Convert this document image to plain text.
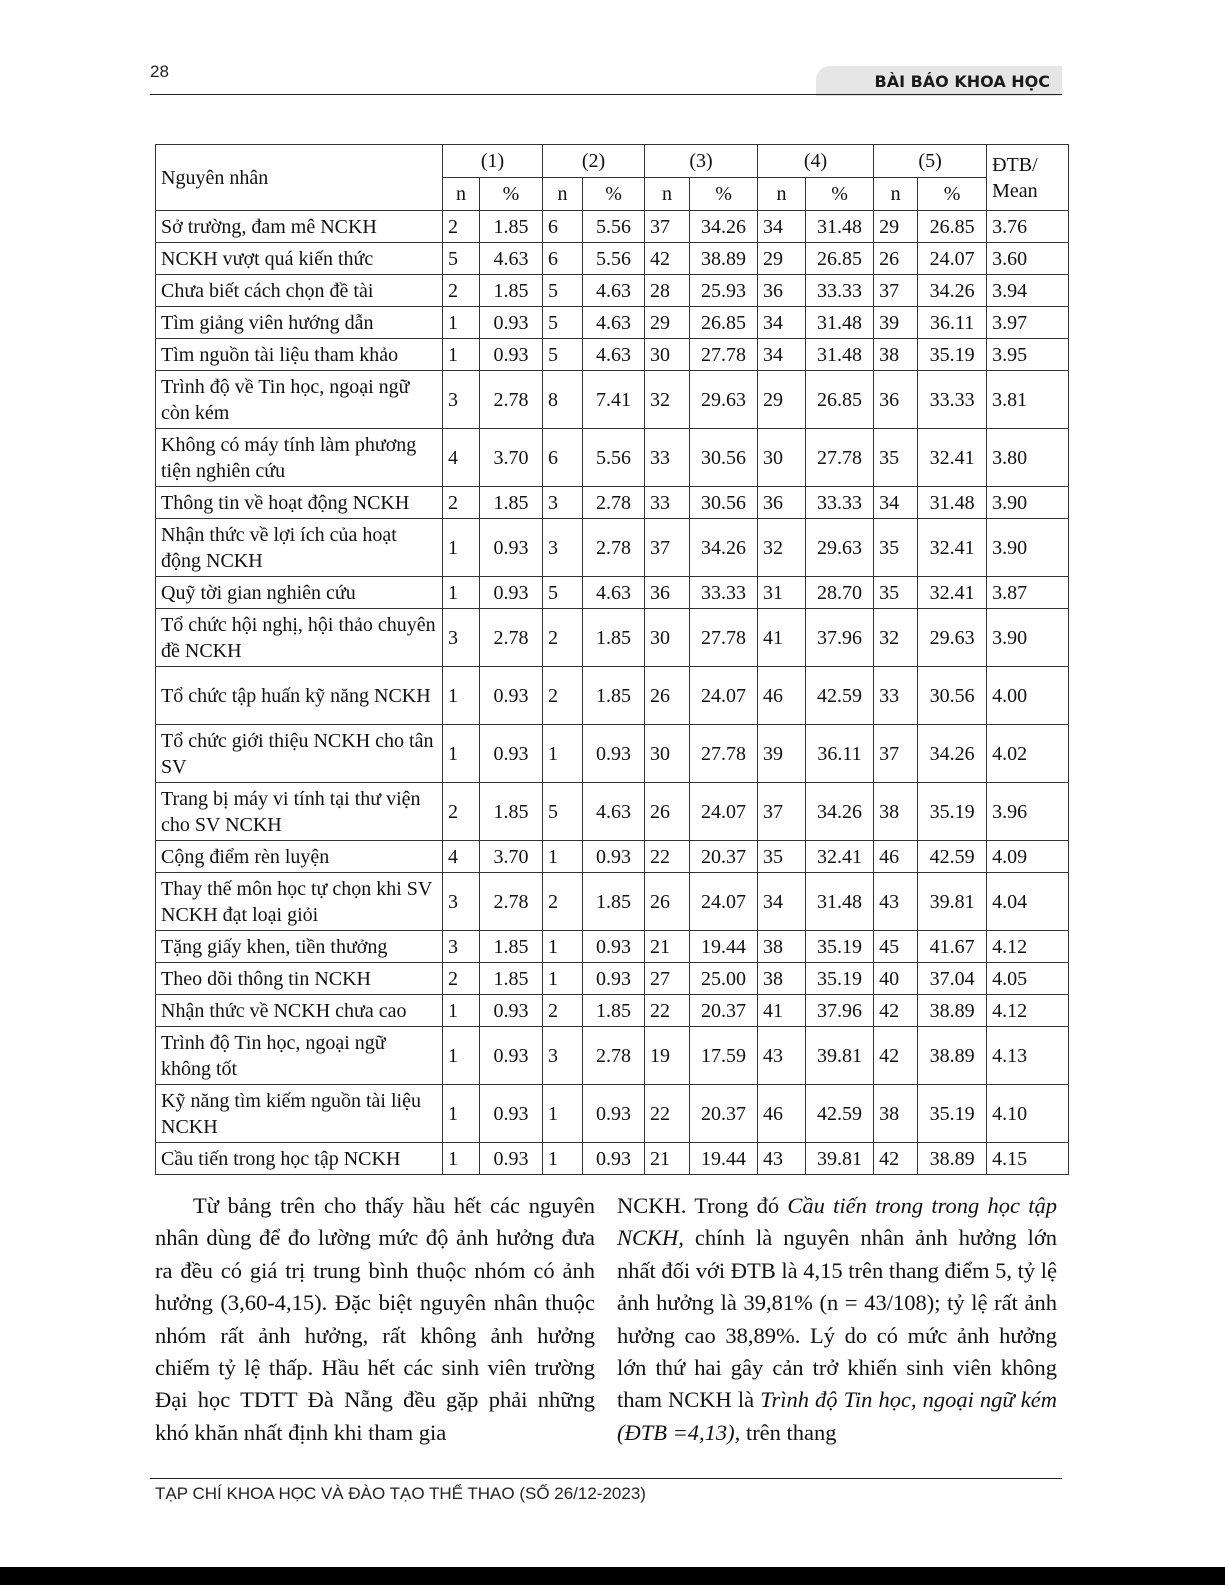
28
BÀI BÁO KHOA HỌC
Nguyên nhân	(1)		(2)		(3)		(4)		(5)		ĐTB/
Mean
	n	%	n	%	n	%	n	%	n	%	
Sở trường, đam mê NCKH	2	1.85	6	5.56	37	34.26	34	31.48	29	26.85	3.76
NCKH vượt quá kiến thức	5	4.63	6	5.56	42	38.89	29	26.85	26	24.07	3.60
Chưa biết cách chọn đề tài	2	1.85	5	4.63	28	25.93	36	33.33	37	34.26	3.94
Tìm giảng viên hướng dẫn	1	0.93	5	4.63	29	26.85	34	31.48	39	36.11	3.97
Tìm nguồn tài liệu tham khảo	1	0.93	5	4.63	30	27.78	34	31.48	38	35.19	3.95
Trình độ về Tin học, ngoại ngữ còn kém	3	2.78	8	7.41	32	29.63	29	26.85	36	33.33	3.81
Không có máy tính làm phương tiện nghiên cứu	4	3.70	6	5.56	33	30.56	30	27.78	35	32.41	3.80
Thông tin về hoạt động NCKH	2	1.85	3	2.78	33	30.56	36	33.33	34	31.48	3.90
Nhận thức về lợi ích của hoạt động NCKH	1	0.93	3	2.78	37	34.26	32	29.63	35	32.41	3.90
Quỹ tời gian nghiên cứu	1	0.93	5	4.63	36	33.33	31	28.70	35	32.41	3.87
Tổ chức hội nghị, hội thảo chuyên đề NCKH	3	2.78	2	1.85	30	27.78	41	37.96	32	29.63	3.90
Tổ chức tập huấn kỹ năng NCKH	1	0.93	2	1.85	26	24.07	46	42.59	33	30.56	4.00
Tổ chức giới thiệu NCKH cho tân SV	1	0.93	1	0.93	30	27.78	39	36.11	37	34.26	4.02
Trang bị máy vi tính tại thư viện cho SV NCKH	2	1.85	5	4.63	26	24.07	37	34.26	38	35.19	3.96
Cộng điểm rèn luyện	4	3.70	1	0.93	22	20.37	35	32.41	46	42.59	4.09
Thay thế môn học tự chọn khi SV NCKH đạt loại giỏi	3	2.78	2	1.85	26	24.07	34	31.48	43	39.81	4.04
Tặng giấy khen, tiền thưởng	3	1.85	1	0.93	21	19.44	38	35.19	45	41.67	4.12
Theo dõi thông tin NCKH	2	1.85	1	0.93	27	25.00	38	35.19	40	37.04	4.05
Nhận thức về NCKH chưa cao	1	0.93	2	1.85	22	20.37	41	37.96	42	38.89	4.12
Trình độ Tin học, ngoại ngữ không tốt	1	0.93	3	2.78	19	17.59	43	39.81	42	38.89	4.13
Kỹ năng tìm kiếm nguồn tài liệu NCKH	1	0.93	1	0.93	22	20.37	46	42.59	38	35.19	4.10
Cầu tiến trong học tập NCKH	1	0.93	1	0.93	21	19.44	43	39.81	42	38.89	4.15

Từ bảng trên cho thấy hầu hết các nguyên nhân dùng để đo lường mức độ ảnh hưởng đưa ra đều có giá trị trung bình thuộc nhóm có ảnh hưởng (3,60-4,15). Đặc biệt nguyên nhân thuộc nhóm rất ảnh hưởng, rất không ảnh hưởng chiếm tỷ lệ thấp. Hầu hết các sinh viên trường Đại học TDTT Đà Nẵng đều gặp phải những khó khăn nhất định khi tham gia

NCKH. Trong đó Cầu tiến trong trong học tập NCKH, chính là nguyên nhân ảnh hưởng lớn nhất đối với ĐTB là 4,15 trên thang điểm 5, tỷ lệ ảnh hưởng là 39,81% (n = 43/108); tỷ lệ rất ảnh hưởng cao 38,89%. Lý do có mức ảnh hưởng lớn thứ hai gây cản trở khiến sinh viên không tham NCKH là Trình độ Tin học, ngoại ngữ kém (ĐTB =4,13), trên thang

TẠP CHÍ KHOA HỌC VÀ ĐÀO TẠO THỂ THAO (SỐ 26/12-2023)
